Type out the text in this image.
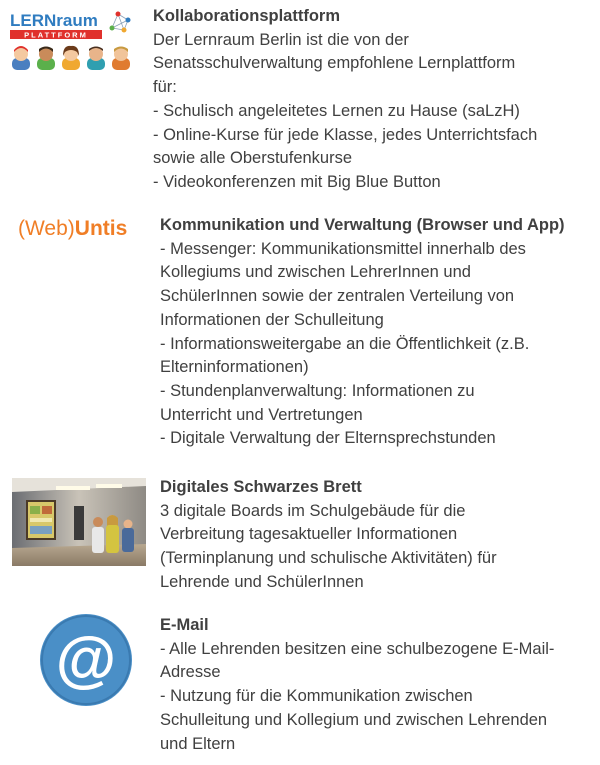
LERNraum
PLATTFORM
Kollaborationsplattform

Der Lernraum Berlin ist die von der

Senatsschulverwaltung empfohlene Lernplattform

für:

- Schulisch angeleitetes Lernen zu Hause (saLzH)

- Online-Kurse für jede Klasse, jedes Unterrichtsfach

sowie alle Oberstufenkurse

- Videokonferenzen mit Big Blue Button

(Web)Untis Kommunikation und Verwaltung (Browser und App)

- Messenger: Kommunikationsmittel innerhalb des

Kollegiums und zwischen LehrerInnen und

SchülerInnen sowie der zentralen Verteilung von

Informationen der Schulleitung

- Informationsweitergabe an die Öffentlichkeit (z.B.

Elterninformationen)

- Stundenplanverwaltung: Informationen zu

Unterricht und Vertretungen

- Digitale Verwaltung der Elternsprechstunden

Digitales Schwarzes Brett

3 digitale Boards im Schulgebäude für die

Verbreitung tagesaktueller Informationen

(Terminplanung und schulische Aktivitäten) für

Lehrende und SchülerInnen

@	E-Mail

- Alle Lehrenden besitzen eine schulbezogene E-Mail-

Adresse

- Nutzung für die Kommunikation zwischen

Schulleitung und Kollegium und zwischen Lehrenden

und Eltern
